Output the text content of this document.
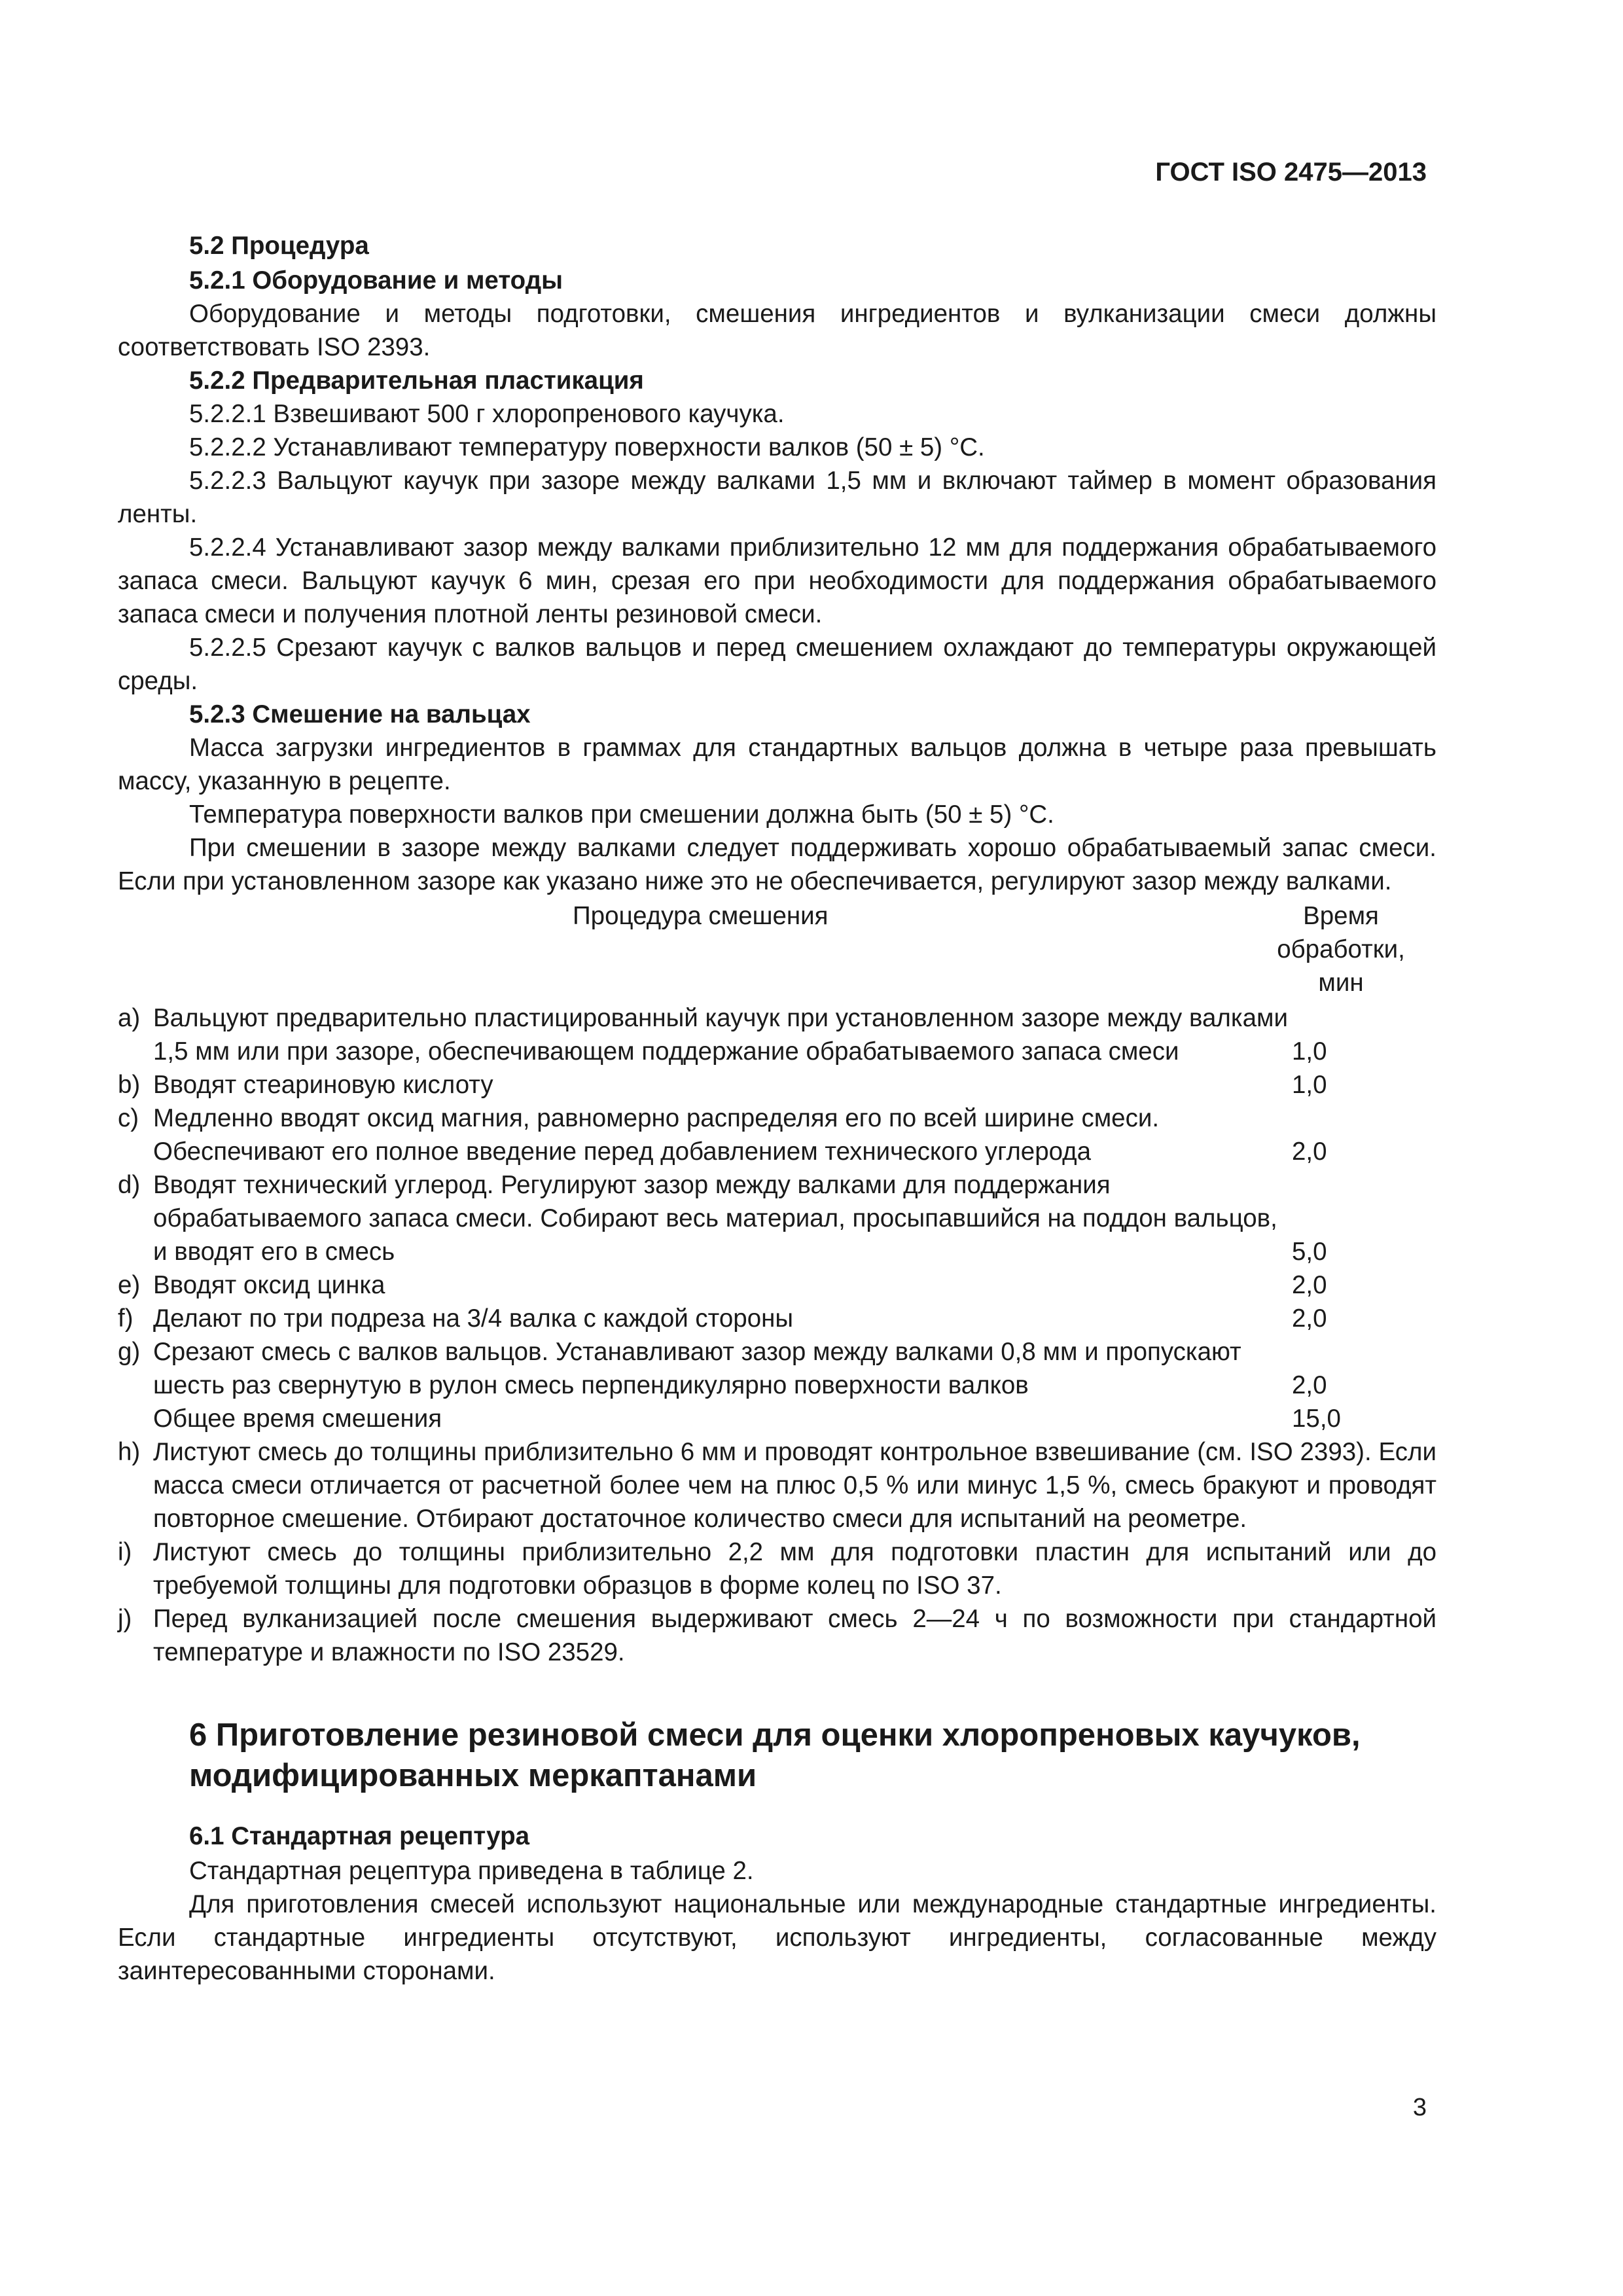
ГОСТ ISO 2475—2013
5.2 Процедура
5.2.1 Оборудование и методы
Оборудование и методы подготовки, смешения ингредиентов и вулканизации смеси должны соответствовать ISO 2393.
5.2.2 Предварительная пластикация
5.2.2.1 Взвешивают 500 г хлоропренового каучука.
5.2.2.2 Устанавливают температуру поверхности валков (50 ± 5) °С.
5.2.2.3 Вальцуют каучук при зазоре между валками 1,5 мм и включают таймер в момент образования ленты.
5.2.2.4 Устанавливают зазор между валками приблизительно 12 мм для поддержания обрабатываемого запаса смеси. Вальцуют каучук 6 мин, срезая его при необходимости для поддержания обрабатываемого запаса смеси и получения плотной ленты резиновой смеси.
5.2.2.5 Срезают каучук с валков вальцов и перед смешением охлаждают до температуры окружающей среды.
5.2.3 Смешение на вальцах
Масса загрузки ингредиентов в граммах для стандартных вальцов должна в четыре раза превышать массу, указанную в рецепте.
Температура поверхности валков при смешении должна быть (50 ± 5) °С.
При смешении в зазоре между валками следует поддерживать хорошо обрабатываемый запас смеси. Если при установленном зазоре как указано ниже это не обеспечивается, регулируют зазор между валками.
Процедура смешения	Время обработки, мин
a) Вальцуют предварительно пластицированный каучук при установленном зазоре между валками 1,5 мм или при зазоре, обеспечивающем поддержание обрабатываемого запаса смеси	1,0
b) Вводят стеариновую кислоту	1,0
c) Медленно вводят оксид магния, равномерно распределяя его по всей ширине смеси. Обеспечивают его полное введение перед добавлением технического углерода	2,0
d) Вводят технический углерод. Регулируют зазор между валками для поддержания обрабатываемого запаса смеси. Собирают весь материал, просыпавшийся на поддон вальцов, и вводят его в смесь	5,0
e) Вводят оксид цинка	2,0
f) Делают по три подреза на 3/4 валка с каждой стороны	2,0
g) Срезают смесь с валков вальцов. Устанавливают зазор между валками 0,8 мм и пропускают шесть раз свернутую в рулон смесь перпендикулярно поверхности валков	2,0
Общее время смешения	15,0
h) Листуют смесь до толщины приблизительно 6 мм и проводят контрольное взвешивание (см. ISO 2393). Если масса смеси отличается от расчетной более чем на плюс 0,5 % или минус 1,5 %, смесь бракуют и проводят повторное смешение. Отбирают достаточное количество смеси для испытаний на реометре.
i) Листуют смесь до толщины приблизительно 2,2 мм для подготовки пластин для испытаний или до требуемой толщины для подготовки образцов в форме колец по ISO 37.
j) Перед вулканизацией после смешения выдерживают смесь 2—24 ч по возможности при стандартной температуре и влажности по ISO 23529.
6 Приготовление резиновой смеси для оценки хлоропреновых каучуков, модифицированных меркаптанами
6.1 Стандартная рецептура
Стандартная рецептура приведена в таблице 2.
Для приготовления смесей используют национальные или международные стандартные ингредиенты. Если стандартные ингредиенты отсутствуют, используют ингредиенты, согласованные между заинтересованными сторонами.
3
